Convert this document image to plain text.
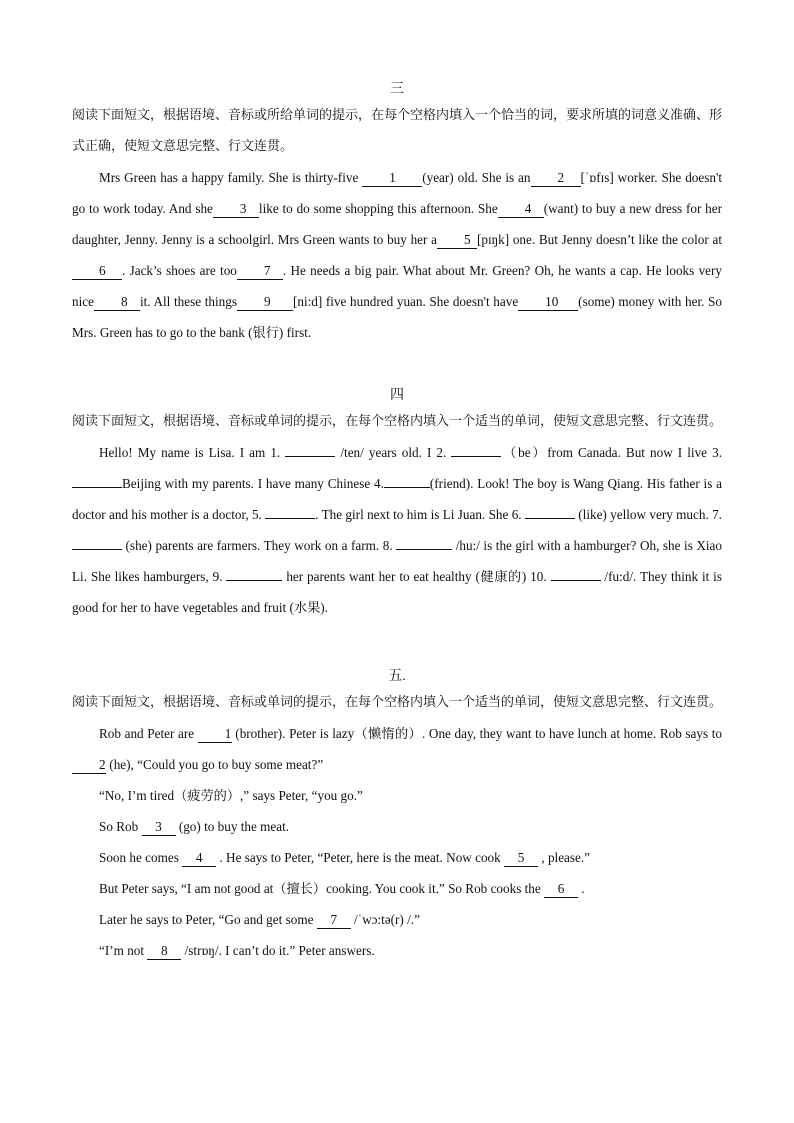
三

阅读下面短文，根据语境、音标或所给单词的提示，在每个空格内填入一个恰当的词，要求所填的词意义准确、形式正确，使短文意思完整、行文连贯。

Mrs Green has a happy family. She is thirty-five 1 (year) old. She is an 2 [ˈɒfɪs] worker. She doesn't go to work today. And she 3 like to do some shopping this afternoon. She 4 (want) to buy a new dress for her daughter, Jenny. Jenny is a schoolgirl. Mrs Green wants to buy her a 5 [pɪŋk] one. But Jenny doesn’t like the color at6 . Jack’s shoes are too 7 . He needs a big pair. What about Mr. Green? Oh, he wants a cap. He looks very nice 8 it. All these things 9 [ni:d] five hundred yuan. She doesn't have 10 (some) money with her. So Mrs. Green has to go to the bank (银行) first.

四

阅读下面短文，根据语境、音标或单词的提示，在每个空格内填入一个适当的单词，使短文意思完整、行文连贯。

Hello! My name is Lisa. I am 1.	/ten/ years old. I 2.	（be）from Canada. But now I live 3. Beijing with my parents. I have many Chinese 4.	(friend). Look! The boy is Wang Qiang. His father is a doctor and his mother is a doctor, 5.	. The girl next to him is Li Juan. She 6.	(like) yellow very much. 7.  (she) parents are farmers. They work on a farm. 8.	/hu:/ is the girl with a hamburger? Oh, she is Xiao Li. She likes hamburgers, 9.	her parents want her to eat healthy (健康的) 10.	/fu:d/. They think it is good for her to have vegetables and fruit (水果).

五.

阅读下面短文，根据语境、音标或单词的提示，在每个空格内填入一个适当的单词，使短文意思完整、行文连贯。

Rob and Peter are 1 (brother). Peter is lazy（懒惰的）. One day, they want to have lunch at home. Rob says to 2 (he), “Could you go to buy some meat?”

“No, I’m tired（疲劳的）,” says Peter, “you go.”

So Rob 3 (go) to buy the meat.

Soon he comes 4 . He says to Peter, “Peter, here is the meat. Now cook 5 , please.”

But Peter says, “I am not good at（擅长）cooking. You cook it.” So Rob cooks the 6 .

Later he says to Peter, “Go and get some 7 /ˈwɔ:tə(r) /.”

“I’m not 8 /strɒŋ/. I can’t do it.” Peter answers.
